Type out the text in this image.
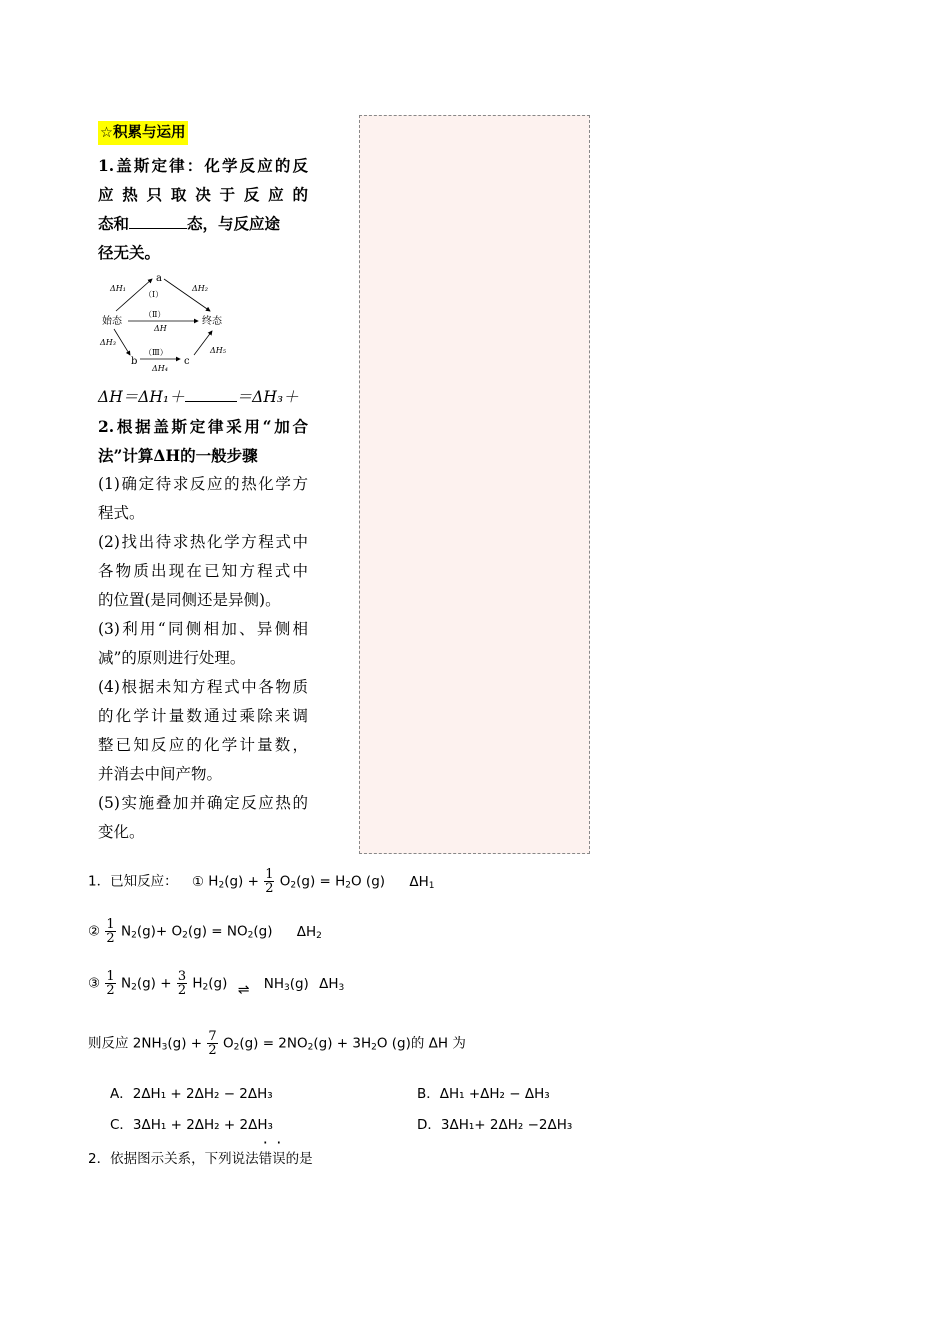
☆积累与运用
1.盖斯定律：化学反应的反
应热只取决于反应的
态和	态，与反应途
径无关。
a
始态	终态
b	c
ΔH₁	ΔH₂
（Ⅰ）
（Ⅱ）
ΔH
ΔH₃
（Ⅲ）
ΔH₄
ΔH₅
ΔH＝ΔH₁＋	＝ΔH₃＋
2.根据盖斯定律采用“加合
法”计算ΔH的一般步骤
(1)确定待求反应的热化学方
程式。
(2)找出待求热化学方程式中
各物质出现在已知方程式中
的位置(是同侧还是异侧)。
(3)利用“同侧相加、异侧相
减”的原则进行处理。
(4)根据未知方程式中各物质
的化学计量数通过乘除来调
整已知反应的化学计量数，
并消去中间产物。
(5)实施叠加并确定反应热的
变化。
1．已知反应： ① $H_2(g) + \frac{1}{2} O_2(g) = H_2O$ (g) $\Delta H_1$
② $\frac{1}{2} N_2(g)+ O_2(g) = NO_2(g)$ $\Delta H_2$
③ $\frac{1}{2} N_2(g) + \frac{3}{2} H_2(g)$ ⇌ $NH_3(g)$ $\Delta H_3$
则反应 $2NH_3(g) + \frac{7}{2} O_2(g) = 2NO_2(g) + 3H_2O$ (g)的 ΔH 为
A．2ΔH₁ + 2ΔH₂ − 2ΔH₃	B．ΔH₁ +ΔH₂ − ΔH₃
C．3ΔH₁ + 2ΔH₂ + 2ΔH₃	D．3ΔH₁+ 2ΔH₂ −2ΔH₃
2．依据图示关系，下列说法错误的是
